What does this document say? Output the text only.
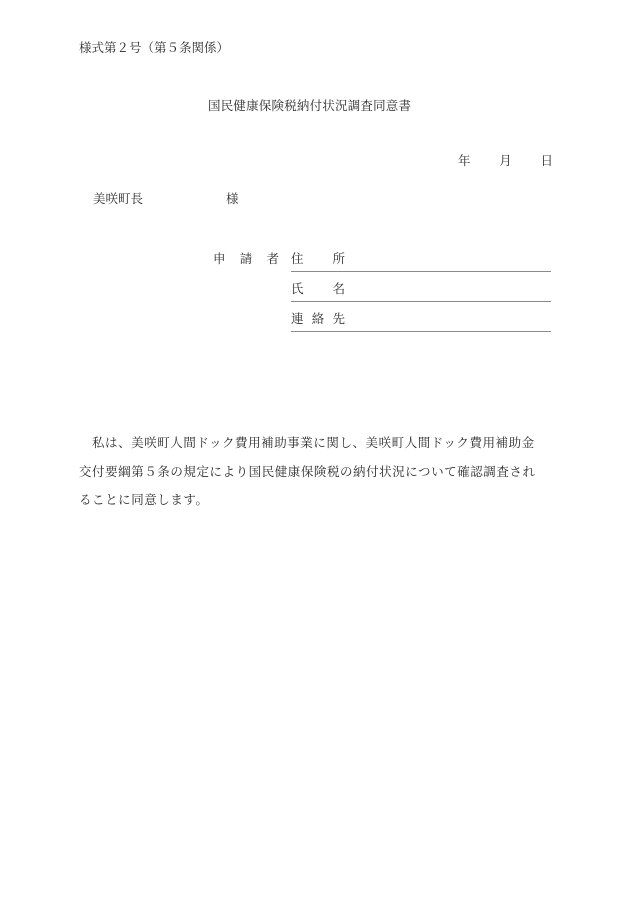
様式第２号（第５条関係）
国民健康保険税納付状況調査同意書
年 月 日
美咲町長	様
申 請 者 住 所
氏 名
連 絡 先
私は、美咲町人間ドック費用補助事業に関し、美咲町人間ドック費用補助金
交付要綱第５条の規定により国民健康保険税の納付状況について確認調査され
ることに同意します。
